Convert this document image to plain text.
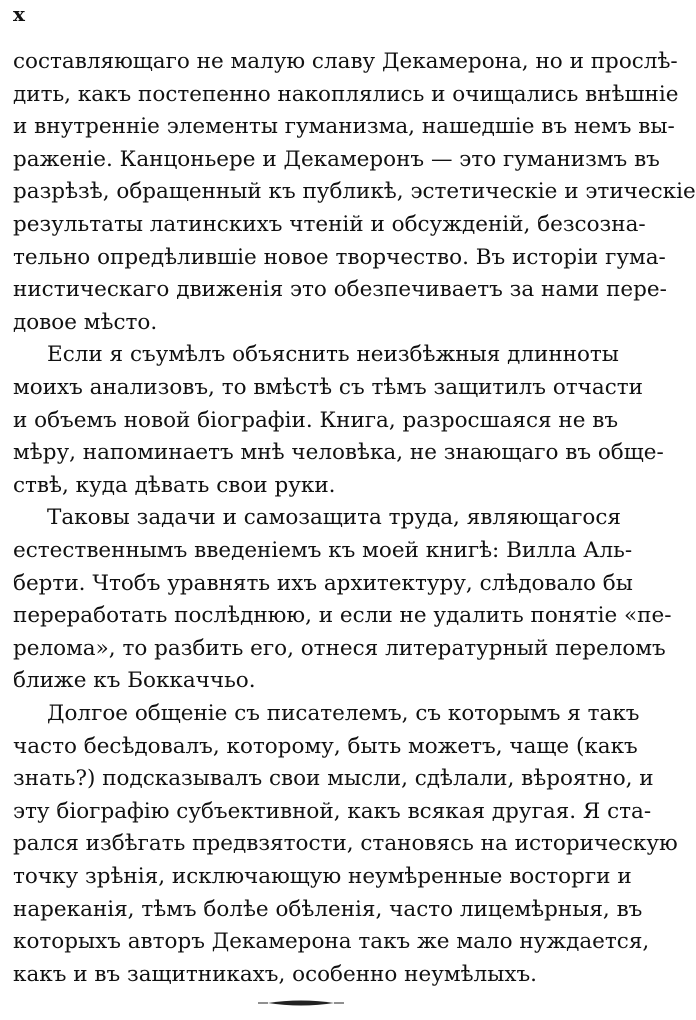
x
составляющаго не малую славу Декамерона, но и прослѣ-
дить, какъ постепенно накоплялись и очищались внѣшніе
и внутренніе элементы гуманизма, нашедшіе въ немъ вы-
раженіе. Канцоньере и Декамеронъ — это гуманизмъ въ
разрѣзѣ, обращенный къ публикѣ, эстетическіе и этическіе
результаты латинскихъ чтеній и обсужденій, безсозна-
тельно опредѣлившіе новое творчество. Въ исторіи гума-
нистическаго движенія это обезпечиваетъ за нами пере-
довое мѣсто.
Если я съумѣлъ объяснить неизбѣжныя длинноты
моихъ анализовъ, то вмѣстѣ съ тѣмъ защитилъ отчасти
и объемъ новой біографіи. Книга, разросшаяся не въ
мѣру, напоминаетъ мнѣ человѣка, не знающаго въ обще-
ствѣ, куда дѣвать свои руки.
Таковы задачи и самозащита труда, являющагося
естественнымъ введеніемъ къ моей книгѣ: Вилла Аль-
берти. Чтобъ уравнять ихъ архитектуру, слѣдовало бы
переработать послѣднюю, и если не удалить понятіе «пе-
релома», то разбить его, отнеся литературный переломъ
ближе къ Боккаччьо.
Долгое общеніе съ писателемъ, съ которымъ я такъ
часто бесѣдовалъ, которому, быть можетъ, чаще (какъ
знать?) подсказывалъ свои мысли, сдѣлали, вѣроятно, и
эту біографію субъективной, какъ всякая другая. Я ста-
рался избѣгать предвзятости, становясь на историческую
точку зрѣнія, исключающую неумѣренные восторги и
нареканія, тѣмъ болѣе обѣленія, часто лицемѣрныя, въ
которыхъ авторъ Декамерона такъ же мало нуждается,
какъ и въ защитникахъ, особенно неумѣлыхъ.
